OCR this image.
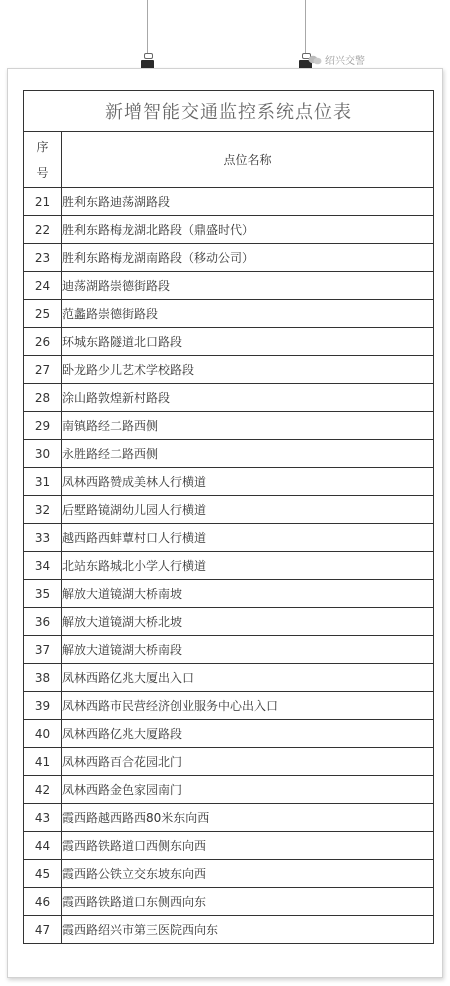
绍兴交警
新增智能交通监控系统点位表	
序
号	点位名称
21	胜利东路迪荡湖路段
22	胜利东路梅龙湖北路段（鼎盛时代）
23	胜利东路梅龙湖南路段（移动公司）
24	迪荡湖路崇德街路段
25	范蠡路崇德街路段
26	环城东路隧道北口路段
27	卧龙路少儿艺术学校路段
28	涂山路敦煌新村路段
29	南镇路经二路西侧
30	永胜路经二路西侧
31	凤林西路赞成美林人行横道
32	后墅路镜湖幼儿园人行横道
33	越西路西蚌蕈村口人行横道
34	北站东路城北小学人行横道
35	解放大道镜湖大桥南坡
36	解放大道镜湖大桥北坡
37	解放大道镜湖大桥南段
38	凤林西路亿兆大厦出入口
39	凤林西路市民营经济创业服务中心出入口
40	凤林西路亿兆大厦路段
41	凤林西路百合花园北门
42	凤林西路金色家园南门
43	霞西路越西路西80米东向西
44	霞西路铁路道口西侧东向西
45	霞西路公铁立交东坡东向西
46	霞西路铁路道口东侧西向东
47	霞西路绍兴市第三医院西向东
